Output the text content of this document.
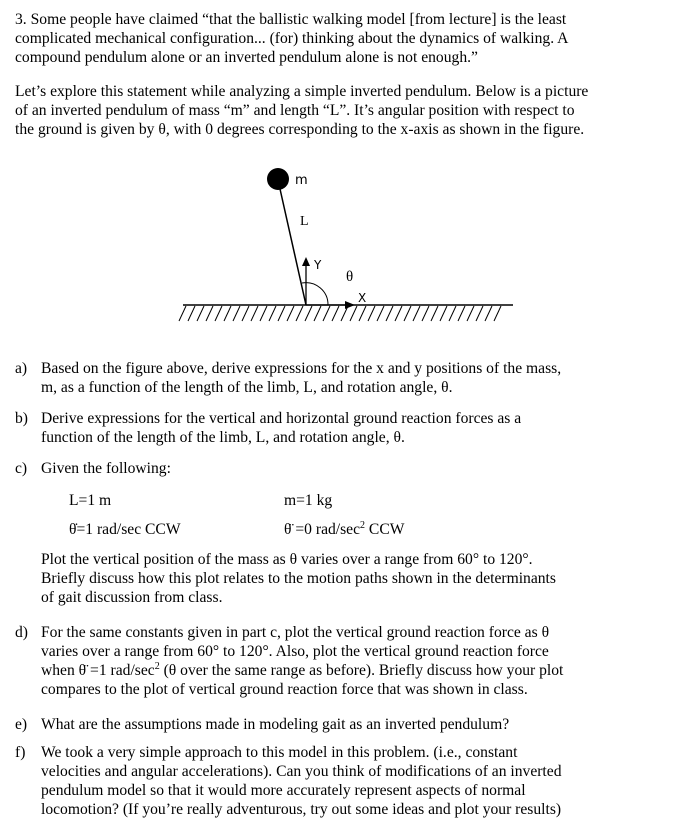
3. Some people have claimed “that the ballistic walking model [from lecture] is the least
complicated mechanical configuration... (for) thinking about the dynamics of walking. A
compound pendulum alone or an inverted pendulum alone is not enough.”
Let’s explore this statement while analyzing a simple inverted pendulum. Below is a picture
of an inverted pendulum of mass “m” and length “L”. It’s angular position with respect to
the ground is given by θ, with 0 degrees corresponding to the x-axis as shown in the figure.
m
L
Y
θ
X
a) Based on the figure above, derive expressions for the x and y positions of the mass,
m, as a function of the length of the limb, L, and rotation angle, θ.
b) Derive expressions for the vertical and horizontal ground reaction forces as a
function of the length of the limb, L, and rotation angle, θ.
c) Given the following:
L=1 m	m=1 kg
θ̇=1 rad/sec CCW	θ̈ =0 rad/$\sec^2$ CCW
Plot the vertical position of the mass as θ varies over a range from 60° to 120°.
Briefly discuss how this plot relates to the motion paths shown in the determinants
of gait discussion from class.
d) For the same constants given in part c, plot the vertical ground reaction force as θ
varies over a range from 60° to 120°. Also, plot the vertical ground reaction force
when θ̈ =1 rad/$\sec^2$ (θ over the same range as before). Briefly discuss how your plot
compares to the plot of vertical ground reaction force that was shown in class.
e) What are the assumptions made in modeling gait as an inverted pendulum?
f) We took a very simple approach to this model in this problem. (i.e., constant
velocities and angular accelerations). Can you think of modifications of an inverted
pendulum model so that it would more accurately represent aspects of normal
locomotion? (If you’re really adventurous, try out some ideas and plot your results)
